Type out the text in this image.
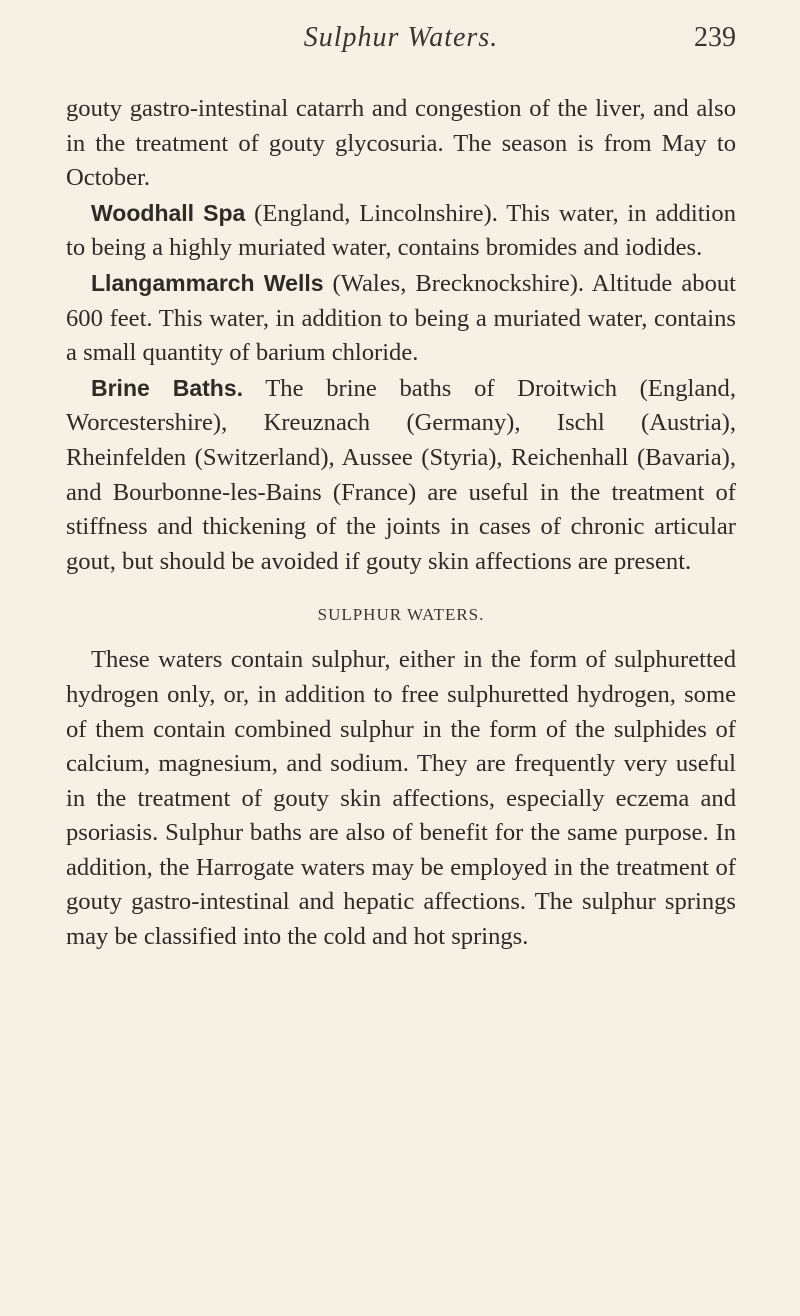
Sulphur Waters.	239

gouty gastro-intestinal catarrh and congestion of the liver, and also in the treatment of gouty glycosuria. The season is from May to October.

Woodhall Spa (England, Lincolnshire). This water, in addition to being a highly muriated water, contains bromides and iodides.

Llangammarch Wells (Wales, Brecknockshire). Altitude about 600 feet. This water, in addition to being a muriated water, contains a small quantity of barium chloride.

Brine Baths. The brine baths of Droitwich (England, Worcestershire), Kreuznach (Germany), Ischl (Austria), Rheinfelden (Switzerland), Aussee (Styria), Reichenhall (Bavaria), and Bourbonne-les-Bains (France) are useful in the treatment of stiffness and thickening of the joints in cases of chronic articular gout, but should be avoided if gouty skin affections are present.

SULPHUR WATERS.

These waters contain sulphur, either in the form of sulphuretted hydrogen only, or, in addition to free sulphuretted hydrogen, some of them contain combined sulphur in the form of the sulphides of calcium, magnesium, and sodium. They are frequently very useful in the treatment of gouty skin affections, especially eczema and psoriasis. Sulphur baths are also of benefit for the same purpose. In addition, the Harrogate waters may be employed in the treatment of gouty gastro-intestinal and hepatic affections. The sulphur springs may be classified into the cold and hot springs.
